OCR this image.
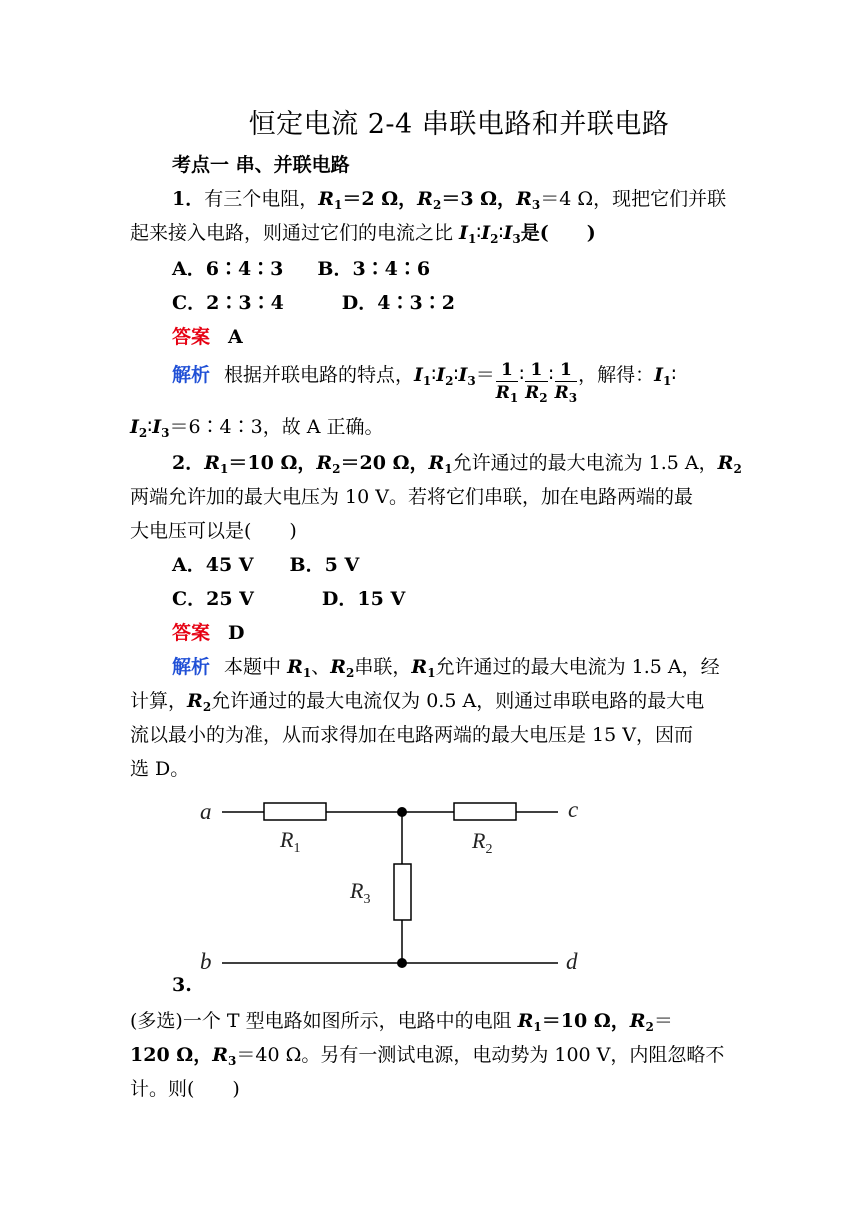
恒定电流 2-4 串联电路和并联电路
考点一 串、并联电路
1．有三个电阻，$R_1=2$ Ω，$R_2=3$ Ω，$R_3=4$ Ω，现把它们并联
起来接入电路，则通过它们的电流之比 $I_1∶I_2∶I_3$是(　　)
A．6∶4∶3 B．3∶4∶6
C．2∶3∶4	D．4∶3∶2
答案 A
解析 根据并联电路的特点，$I_1∶I_2∶I_3= \frac{1}{R_1}$ ∶ $\frac{1}{R_2}$ ∶ $\frac{1}{R_3}$ ，解得：$I_1∶$
$I_2∶I_3=6∶4∶3$，故 A 正确。
2．$R_1=10$ Ω，$R_2=20$ Ω，$R_1$允许通过的最大电流为 1.5 A，$R_2$
两端允许加的最大电压为 10 V。若将它们串联，加在电路两端的最
大电压可以是(　　)
A．45 V B．5 V
C．25 V	D．15 V
答案 D
解析 本题中 $R_1$、$R_2$串联，$R_1$允许通过的最大电流为 1.5 A，经
计算，$R_2$允许通过的最大电流仅为 0.5 A，则通过串联电路的最大电
流以最小的为准，从而求得加在电路两端的最大电压是 15 V，因而
选 D。
a
b
c
d
$R_1$	$R_2$
$R_3$
3.
(多选)一个 T 型电路如图所示，电路中的电阻 $R_1=10$ Ω，$R_2=$
120 Ω，$R_3=40$ Ω。另有一测试电源，电动势为 100 V，内阻忽略不
计。则(　　)
